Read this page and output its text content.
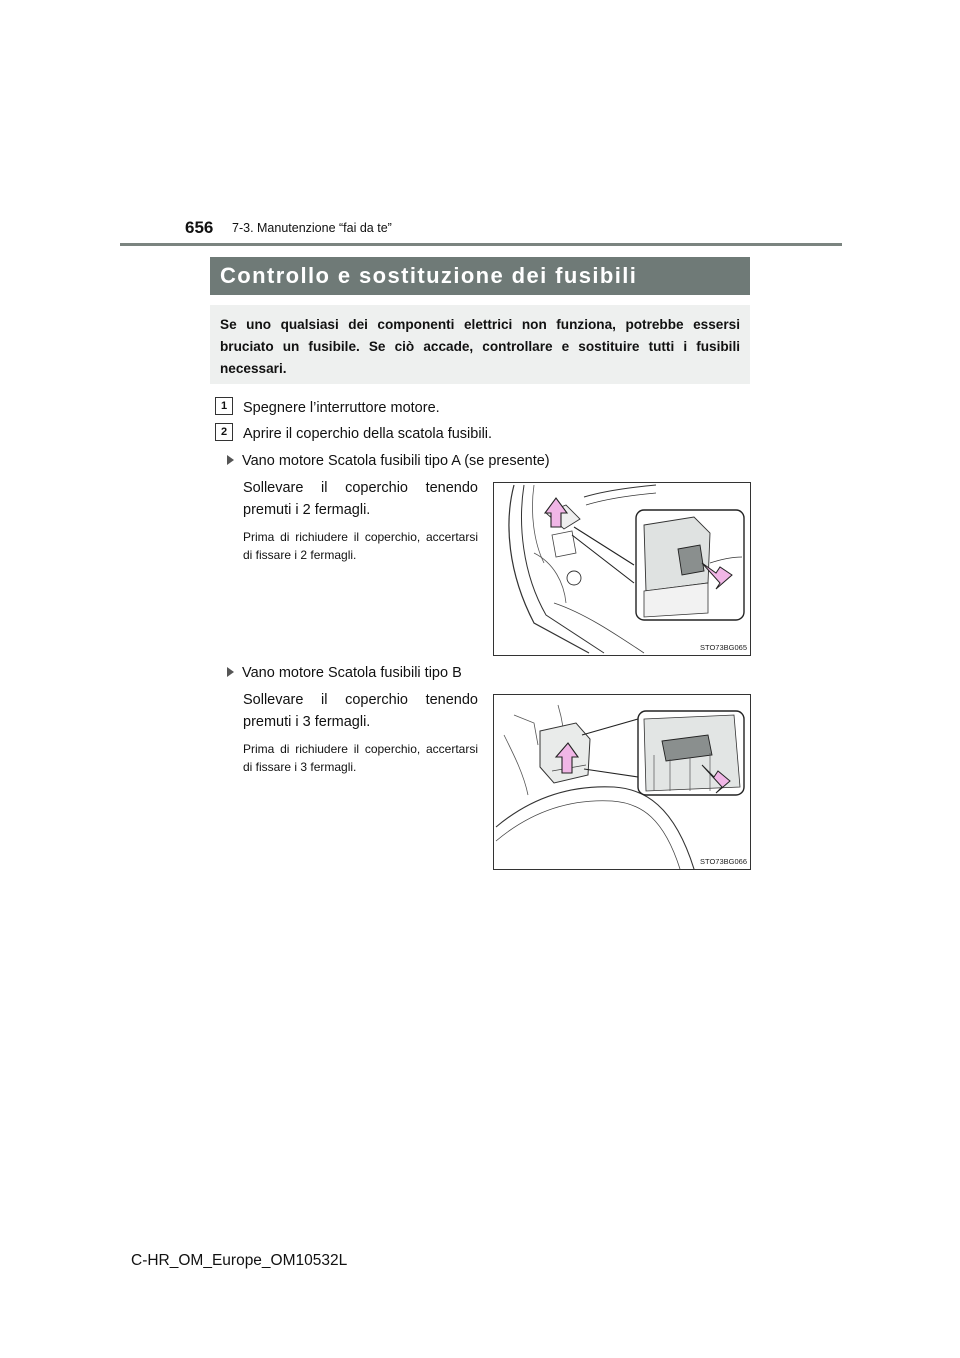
656 7-3. Manutenzione “fai da te”
Controllo e sostituzione dei fusibili
Se uno qualsiasi dei componenti elettrici non funziona, potrebbe essersi bruciato un fusibile. Se ciò accade, controllare e sostituire tutti i fusibili necessari.
1	Spegnere l’interruttore motore.
2	Aprire il coperchio della scatola fusibili.
Vano motore Scatola fusibili tipo A (se presente)
Sollevare il coperchio tenendo premuti i 2 fermagli.
Prima di richiudere il coperchio, accertarsi di fissare i 2 fermagli.
STO73BG065
Vano motore Scatola fusibili tipo B
Sollevare il coperchio tenendo premuti i 3 fermagli.
Prima di richiudere il coperchio, accertarsi di fissare i 3 fermagli.
STO73BG066
C-HR_OM_Europe_OM10532L
